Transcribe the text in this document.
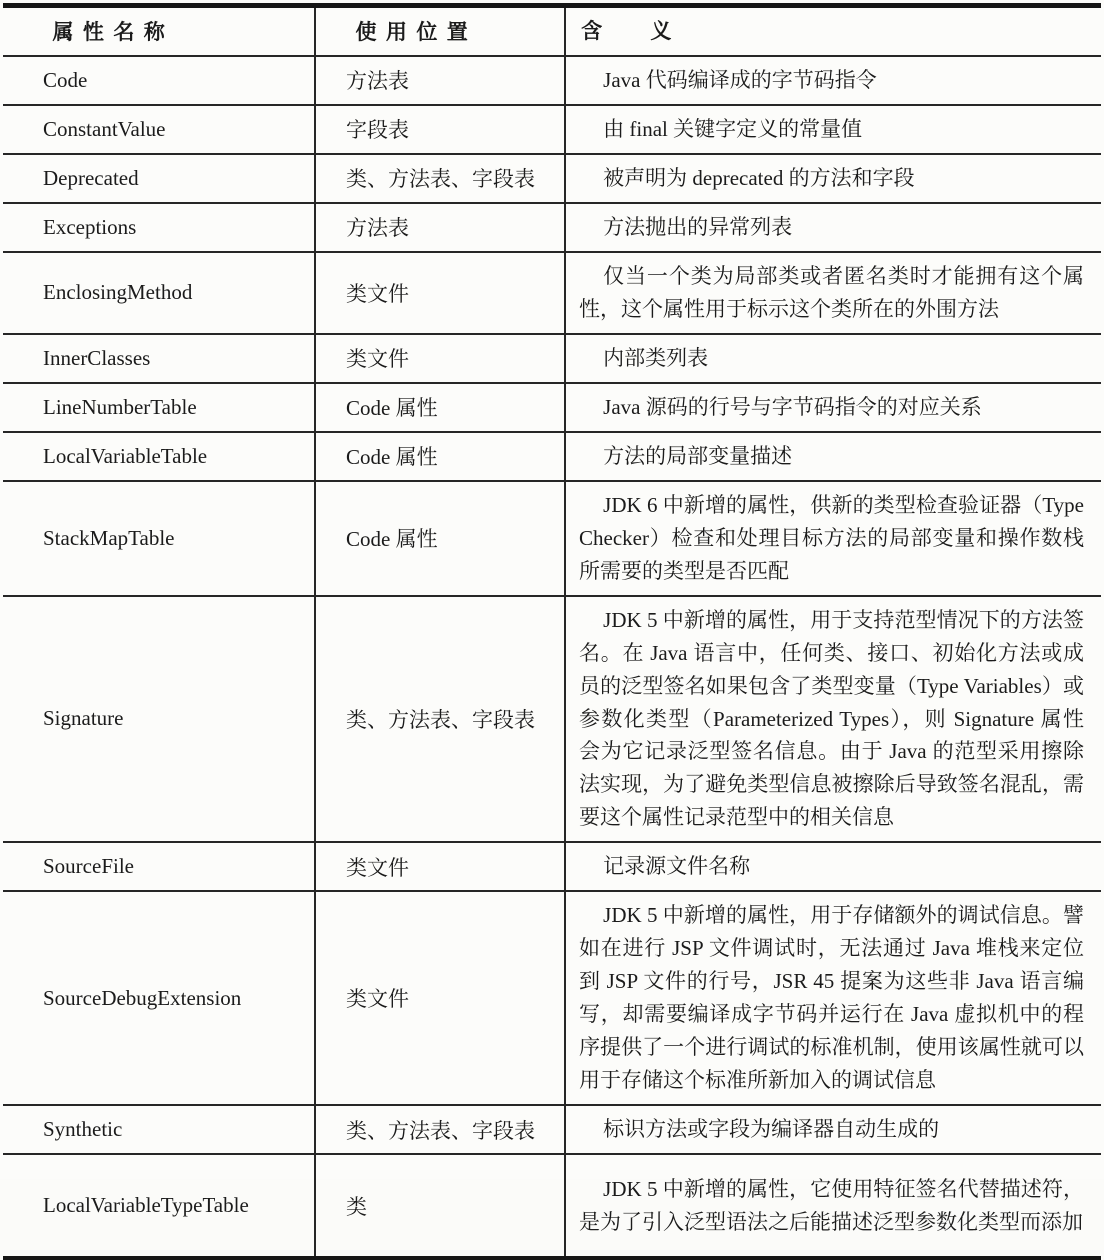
属性名称	使用位置	含　　义
Code	方法表	Java 代码编译成的字节码指令
ConstantValue	字段表	由 final 关键字定义的常量值
Deprecated	类、方法表、字段表	被声明为 deprecated 的方法和字段
Exceptions	方法表	方法抛出的异常列表
EnclosingMethod	类文件	仅当一个类为局部类或者匿名类时才能拥有这个属性，这个属性用于标示这个类所在的外围方法
InnerClasses	类文件	内部类列表
LineNumberTable	Code 属性	Java 源码的行号与字节码指令的对应关系
LocalVariableTable	Code 属性	方法的局部变量描述
StackMapTable	Code 属性	JDK 6 中新增的属性，供新的类型检查验证器（Type Checker）检查和处理目标方法的局部变量和操作数栈所需要的类型是否匹配
Signature	类、方法表、字段表	JDK 5 中新增的属性，用于支持范型情况下的方法签名。在 Java 语言中，任何类、接口、初始化方法或成员的泛型签名如果包含了类型变量（Type Variables）或参数化类型（Parameterized Types），则 Signature 属性会为它记录泛型签名信息。由于 Java 的范型采用擦除法实现，为了避免类型信息被擦除后导致签名混乱，需要这个属性记录范型中的相关信息
SourceFile	类文件	记录源文件名称
SourceDebugExtension	类文件	JDK 5 中新增的属性，用于存储额外的调试信息。譬如在进行 JSP 文件调试时，无法通过 Java 堆栈来定位到 JSP 文件的行号，JSR 45 提案为这些非 Java 语言编写，却需要编译成字节码并运行在 Java 虚拟机中的程序提供了一个进行调试的标准机制，使用该属性就可以用于存储这个标准所新加入的调试信息
Synthetic	类、方法表、字段表	标识方法或字段为编译器自动生成的
LocalVariableTypeTable	类	JDK 5 中新增的属性，它使用特征签名代替描述符，是为了引入泛型语法之后能描述泛型参数化类型而添加
